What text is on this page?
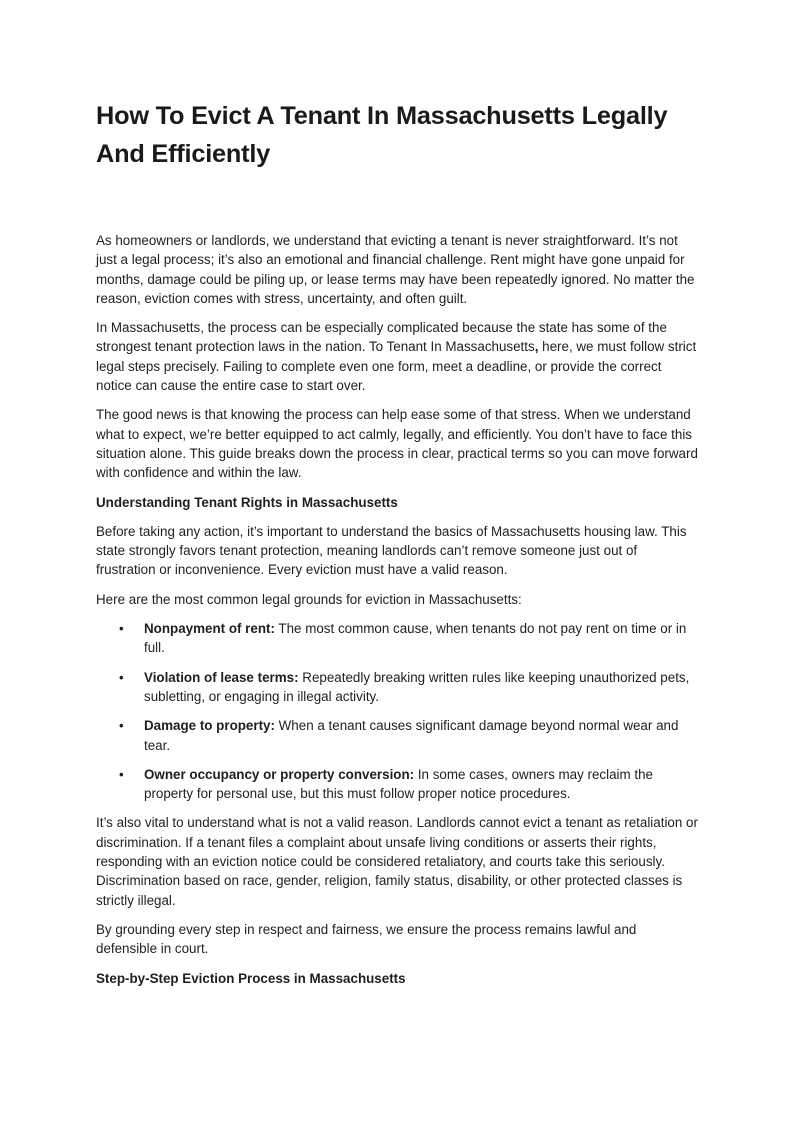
How To Evict A Tenant In Massachusetts Legally And Efficiently

As homeowners or landlords, we understand that evicting a tenant is never straightforward. It’s not just a legal process; it’s also an emotional and financial challenge. Rent might have gone unpaid for months, damage could be piling up, or lease terms may have been repeatedly ignored. No matter the reason, eviction comes with stress, uncertainty, and often guilt.

In Massachusetts, the process can be especially complicated because the state has some of the strongest tenant protection laws in the nation. To Tenant In Massachusetts, here, we must follow strict legal steps precisely. Failing to complete even one form, meet a deadline, or provide the correct notice can cause the entire case to start over.

The good news is that knowing the process can help ease some of that stress. When we understand what to expect, we’re better equipped to act calmly, legally, and efficiently. You don’t have to face this situation alone. This guide breaks down the process in clear, practical terms so you can move forward with confidence and within the law.

Understanding Tenant Rights in Massachusetts

Before taking any action, it’s important to understand the basics of Massachusetts housing law. This state strongly favors tenant protection, meaning landlords can’t remove someone just out of frustration or inconvenience. Every eviction must have a valid reason.

Here are the most common legal grounds for eviction in Massachusetts:

• Nonpayment of rent: The most common cause, when tenants do not pay rent on time or in full.
• Violation of lease terms: Repeatedly breaking written rules like keeping unauthorized pets, subletting, or engaging in illegal activity.
• Damage to property: When a tenant causes significant damage beyond normal wear and tear.
• Owner occupancy or property conversion: In some cases, owners may reclaim the property for personal use, but this must follow proper notice procedures.

It’s also vital to understand what is not a valid reason. Landlords cannot evict a tenant as retaliation or discrimination. If a tenant files a complaint about unsafe living conditions or asserts their rights, responding with an eviction notice could be considered retaliatory, and courts take this seriously. Discrimination based on race, gender, religion, family status, disability, or other protected classes is strictly illegal.

By grounding every step in respect and fairness, we ensure the process remains lawful and defensible in court.

Step-by-Step Eviction Process in Massachusetts
